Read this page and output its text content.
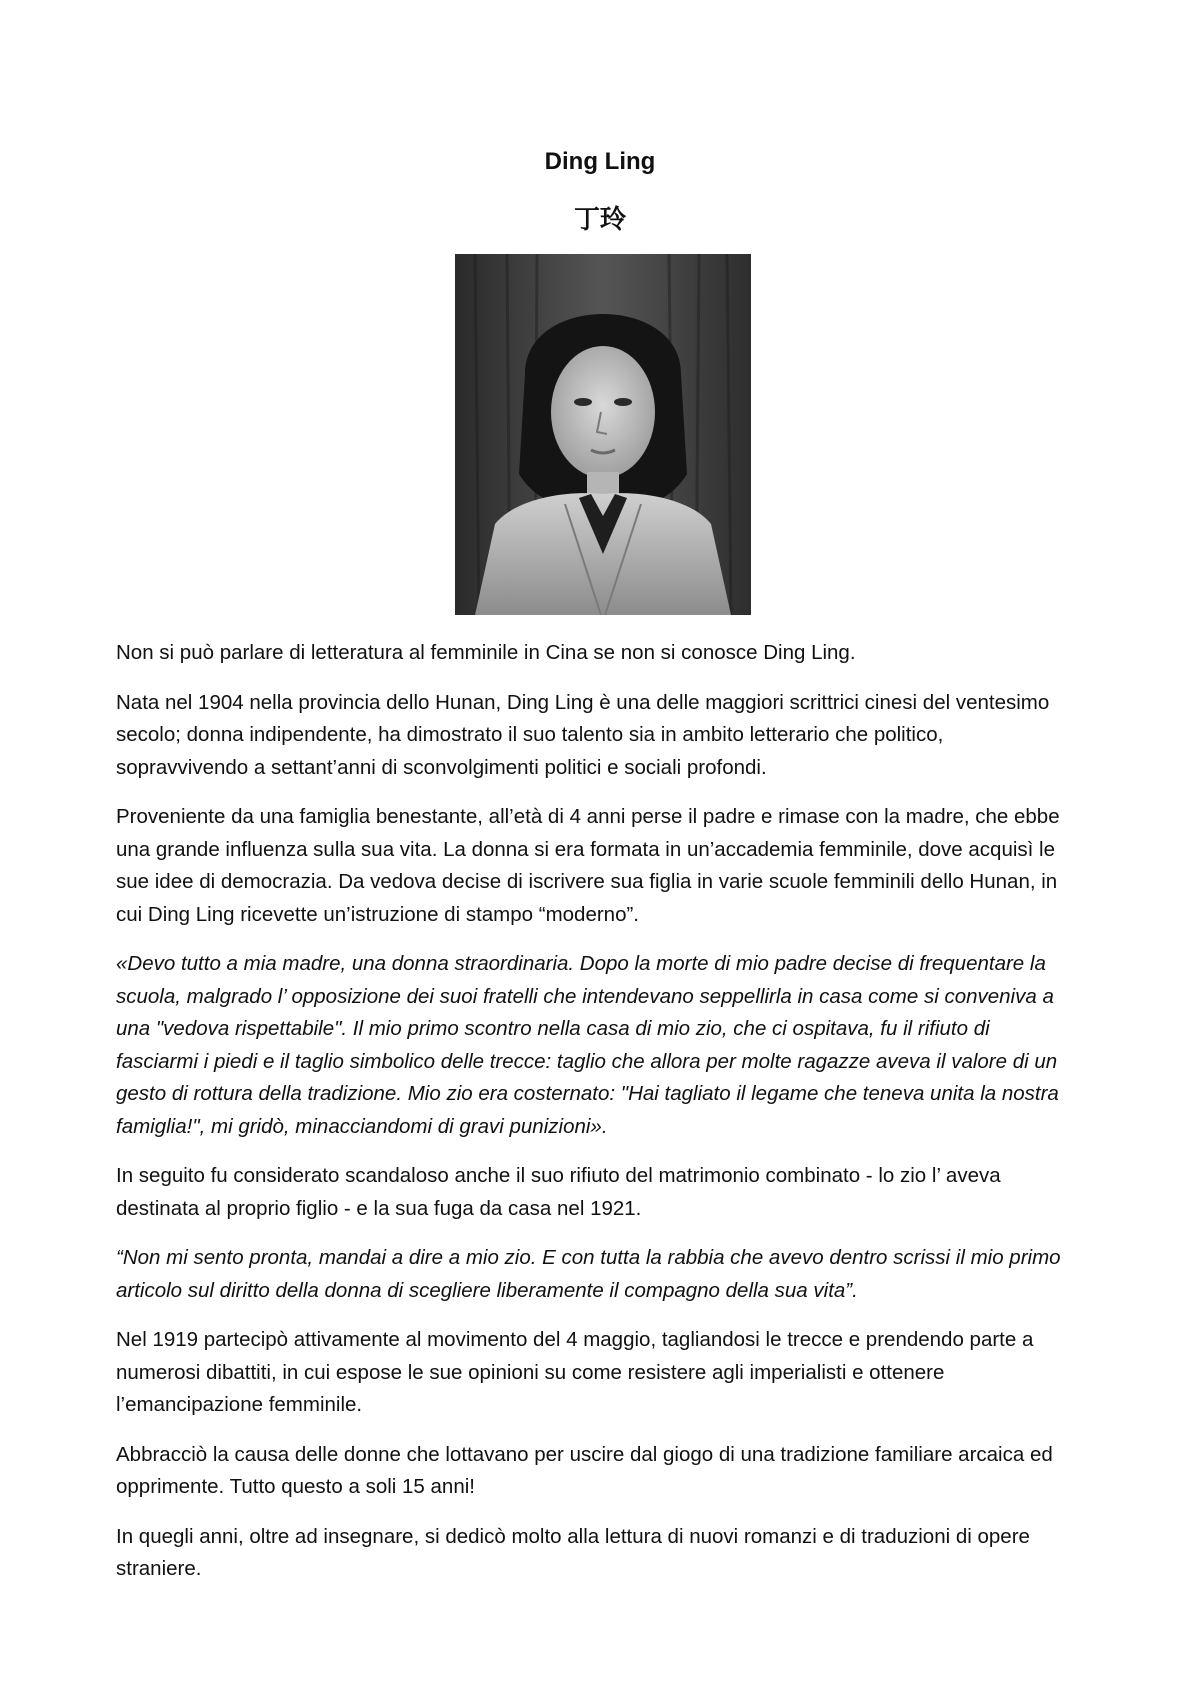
Ding Ling
丁玲

Non si può parlare di letteratura al femminile in Cina se non si conosce Ding Ling.

Nata nel 1904 nella provincia dello Hunan, Ding Ling è una delle maggiori scrittrici cinesi del ventesimo secolo; donna indipendente, ha dimostrato il suo talento sia in ambito letterario che politico, sopravvivendo a settant’anni di sconvolgimenti politici e sociali profondi.

Proveniente da una famiglia benestante, all’età di 4 anni perse il padre e rimase con la madre, che ebbe una grande influenza sulla sua vita. La donna si era formata in un’accademia femminile, dove acquisì le sue idee di democrazia. Da vedova decise di iscrivere sua figlia in varie scuole femminili dello Hunan, in cui Ding Ling ricevette un’istruzione di stampo “moderno”.

«Devo tutto a mia madre, una donna straordinaria. Dopo la morte di mio padre decise di frequentare la scuola, malgrado l’ opposizione dei suoi fratelli che intendevano seppellirla in casa come si conveniva a una "vedova rispettabile". Il mio primo scontro nella casa di mio zio, che ci ospitava, fu il rifiuto di fasciarmi i piedi e il taglio simbolico delle trecce: taglio che allora per molte ragazze aveva il valore di un gesto di rottura della tradizione. Mio zio era costernato: "Hai tagliato il legame che teneva unita la nostra famiglia!", mi gridò, minacciandomi di gravi punizioni».

In seguito fu considerato scandaloso anche il suo rifiuto del matrimonio combinato - lo zio l’ aveva destinata al proprio figlio - e la sua fuga da casa nel 1921.

“Non mi sento pronta, mandai a dire a mio zio. E con tutta la rabbia che avevo dentro scrissi il mio primo articolo sul diritto della donna di scegliere liberamente il compagno della sua vita”.

Nel 1919 partecipò attivamente al movimento del 4 maggio, tagliandosi le trecce e prendendo parte a numerosi dibattiti, in cui espose le sue opinioni su come resistere agli imperialisti e ottenere l’emancipazione femminile.

Abbracciò la causa delle donne che lottavano per uscire dal giogo di una tradizione familiare arcaica ed opprimente. Tutto questo a soli 15 anni!

In quegli anni, oltre ad insegnare, si dedicò molto alla lettura di nuovi romanzi e di traduzioni di opere straniere.
